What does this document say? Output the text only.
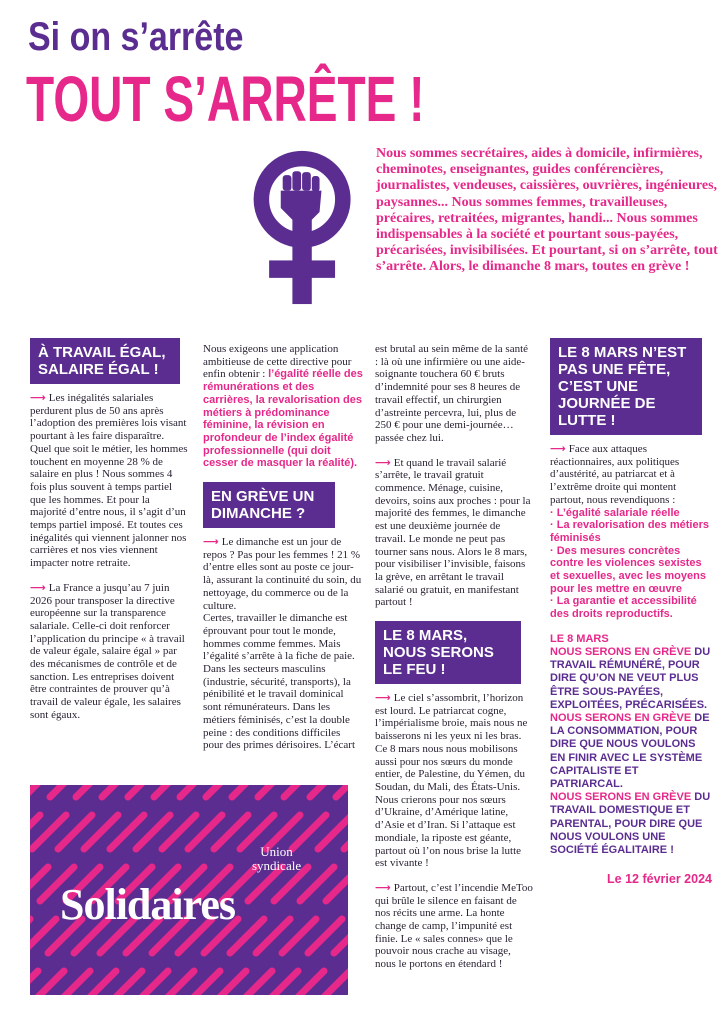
Si on s’arrête
TOUT S’ARRÊTE !
Nous sommes secrétaires, aides à domicile, infirmières, cheminotes, enseignantes, guides conférencières, journalistes, vendeuses, caissières, ouvrières, ingénieures, paysannes... Nous sommes femmes, travailleuses, précaires, retraitées, migrantes, handi... Nous sommes indispensables à la société et pourtant sous-payées, précarisées, invisibilisées. Et pourtant, si on s’arrête, tout s’arrête. Alors, le dimanche 8 mars, toutes en grève !
À TRAVAIL ÉGAL, SALAIRE ÉGAL !

⟶ Les inégalités salariales perdurent plus de 50 ans après l’adoption des premières lois visant pourtant à les faire disparaître. Quel que soit le métier, les hommes touchent en moyenne 28 % de salaire en plus ! Nous sommes 4 fois plus souvent à temps partiel que les hommes. Et pour la majorité d’entre nous, il s’agit d’un temps partiel imposé. Et toutes ces inégalités qui viennent jalonner nos carrières et nos vies viennent impacter notre retraite.

⟶ La France a jusqu’au 7 juin 2026 pour transposer la directive européenne sur la transparence salariale. Celle-ci doit renforcer l’application du principe « à travail de valeur égale, salaire égal » par des mécanismes de contrôle et de sanction. Les entreprises doivent être contraintes de prouver qu’à travail de valeur égale, les salaires sont égaux.

Nous exigeons une application ambitieuse de cette directive pour enfin obtenir : l’égalité réelle des rémunérations et des carrières, la revalorisation des métiers à prédominance féminine, la révision en profondeur de l’index égalité professionnelle (qui doit cesser de masquer la réalité).

EN GRÈVE UN DIMANCHE ?

⟶ Le dimanche est un jour de repos ? Pas pour les femmes ! 21 % d’entre elles sont au poste ce jour-là, assurant la continuité du soin, du nettoyage, du commerce ou de la culture.

Certes, travailler le dimanche est éprouvant pour tout le monde, hommes comme femmes. Mais l’égalité s’arrête à la fiche de paie. Dans les secteurs masculins (industrie, sécurité, transports), la pénibilité et le travail dominical sont rémunérateurs. Dans les métiers féminisés, c’est la double peine : des conditions difficiles pour des primes dérisoires. L’écart

est brutal au sein même de la santé : là où une infirmière ou une aide-soignante touchera 60 € bruts d’indemnité pour ses 8 heures de travail effectif, un chirurgien d’astreinte percevra, lui, plus de 250 € pour une demi-journée… passée chez lui.

⟶ Et quand le travail salarié s’arrête, le travail gratuit commence. Ménage, cuisine, devoirs, soins aux proches : pour la majorité des femmes, le dimanche est une deuxième journée de travail. Le monde ne peut pas tourner sans nous. Alors le 8 mars, pour visibiliser l’invisible, faisons la grève, en arrêtant le travail salarié ou gratuit, en manifestant partout !

LE 8 MARS, NOUS SERONS LE FEU !

⟶ Le ciel s’assombrit, l’horizon est lourd. Le patriarcat cogne, l’impérialisme broie, mais nous ne baisserons ni les yeux ni les bras. Ce 8 mars nous nous mobilisons aussi pour nos sœurs du monde entier, de Palestine, du Yémen, du Soudan, du Mali, des États-Unis. Nous crierons pour nos sœurs d’Ukraine, d’Amérique latine, d’Asie et d’Iran. Si l’attaque est mondiale, la riposte est géante, partout où l’on nous brise la lutte est vivante !

⟶ Partout, c’est l’incendie MeToo qui brûle le silence en faisant de nos récits une arme. La honte change de camp, l’impunité est finie. Le « sales connes» que le pouvoir nous crache au visage, nous le portons en étendard !

LE 8 MARS N’EST PAS UNE FÊTE, C’EST UNE JOURNÉE DE LUTTE !

⟶ Face aux attaques réactionnaires, aux politiques d’austérité, au patriarcat et à l’extrême droite qui montent partout, nous revendiquons :

· L’égalité salariale réelle
· La revalorisation des métiers féminisés
· Des mesures concrètes contre les violences sexistes et sexuelles, avec les moyens pour les mettre en œuvre
· La garantie et accessibilité des droits reproductifs.
LE 8 MARS
NOUS SERONS EN GRÈVE DU TRAVAIL RÉMUNÉRÉ, POUR DIRE QU’ON NE VEUT PLUS ÊTRE SOUS-PAYÉES, EXPLOITÉES, PRÉCARISÉES.
NOUS SERONS EN GRÈVE DE LA CONSOMMATION, POUR DIRE QUE NOUS VOULONS EN FINIR AVEC LE SYSTÈME CAPITALISTE ET PATRIARCAL.
NOUS SERONS EN GRÈVE DU TRAVAIL DOMESTIQUE ET PARENTAL, POUR DIRE QUE NOUS VOULONS UNE SOCIÉTÉ ÉGALITAIRE !
Le 12 février 2024
Union
syndicale
Solidaires
